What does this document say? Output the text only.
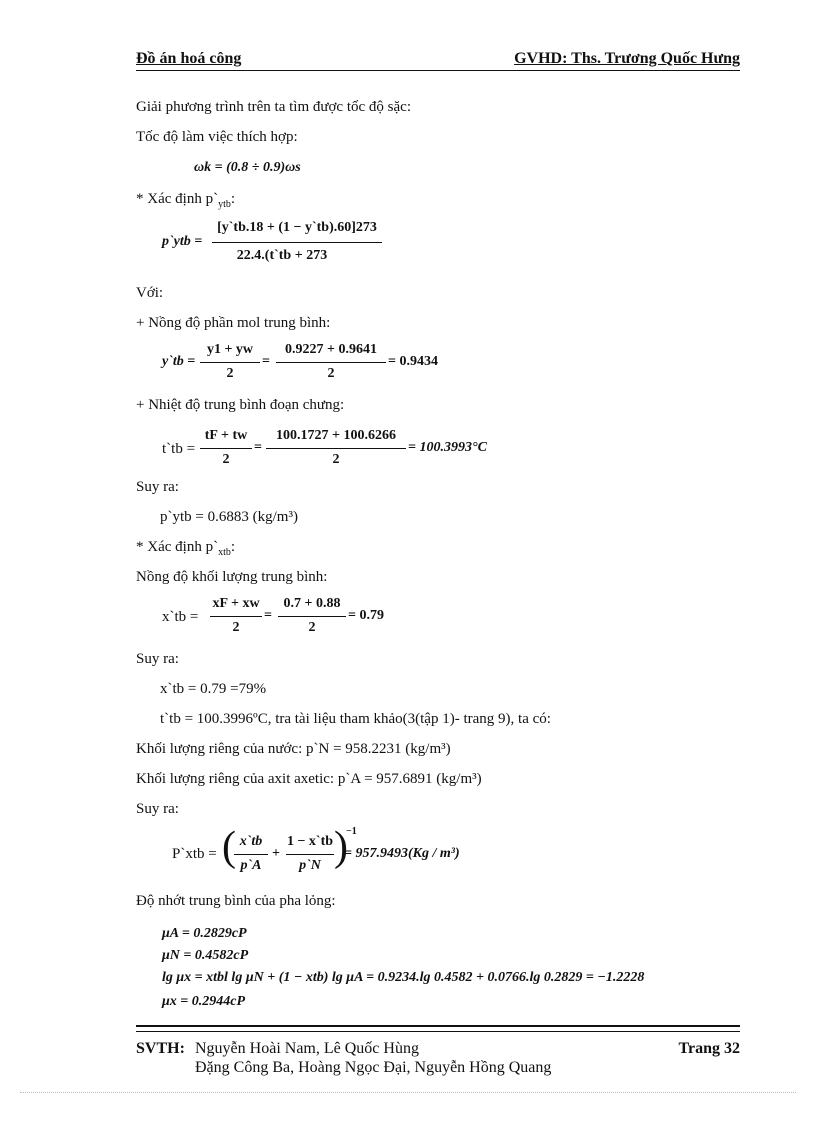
Đồ án hoá công	GVHD: Ths. Trương Quốc Hưng
Giải phương trình trên ta tìm được tốc độ sặc:
Tốc độ làm việc thích hợp:
ωk = (0.8 ÷ 0.9)ωs
* Xác định $p`_{ytb}$:
p`ytb =
[y`tb.18 + (1 − y`tb).60]273
22.4.(t`tb + 273
Với:
+ Nồng độ phần mol trung bình:
y`tb =
y1 + yw
2
=
0.9227 + 0.9641
2
= 0.9434
+ Nhiệt độ trung bình đoạn chưng:
t`tb =
tF + tw
2
=
100.1727 + 100.6266
2
= 100.3993°C
Suy ra:
p`ytb = 0.6883 (kg/m³)
* Xác định $p`_{xtb}$:
Nồng độ khối lượng trung bình:
x`tb =
xF + xw
2
=
0.7 + 0.88
2
= 0.79
Suy ra:
x`tb = 0.79 =79%
t`tb = 100.3996ºC, tra tài liệu tham khảo(3(tập 1)- trang 9), ta có:
Khối lượng riêng của nước: p`N = 958.2231 (kg/m³)
Khối lượng riêng của axit axetic: p`A = 957.6891 (kg/m³)
Suy ra:
P`xtb = ( x`tb
p`A
+
1 − x`tb
p`N )
−1
= 957.9493(Kg / m³)
Độ nhớt trung bình của pha lỏng:
μA = 0.2829cP
μN = 0.4582cP
lg μx = xtbl lg μN + (1 − xtb) lg μA = 0.9234.lg 0.4582 + 0.0766.lg 0.2829 = −1.2228
μx = 0.2944cP
SVTH: Nguyễn Hoài Nam, Lê Quốc Hùng
Đặng Công Ba, Hoàng Ngọc Đại, Nguyễn Hồng Quang
Trang 32
